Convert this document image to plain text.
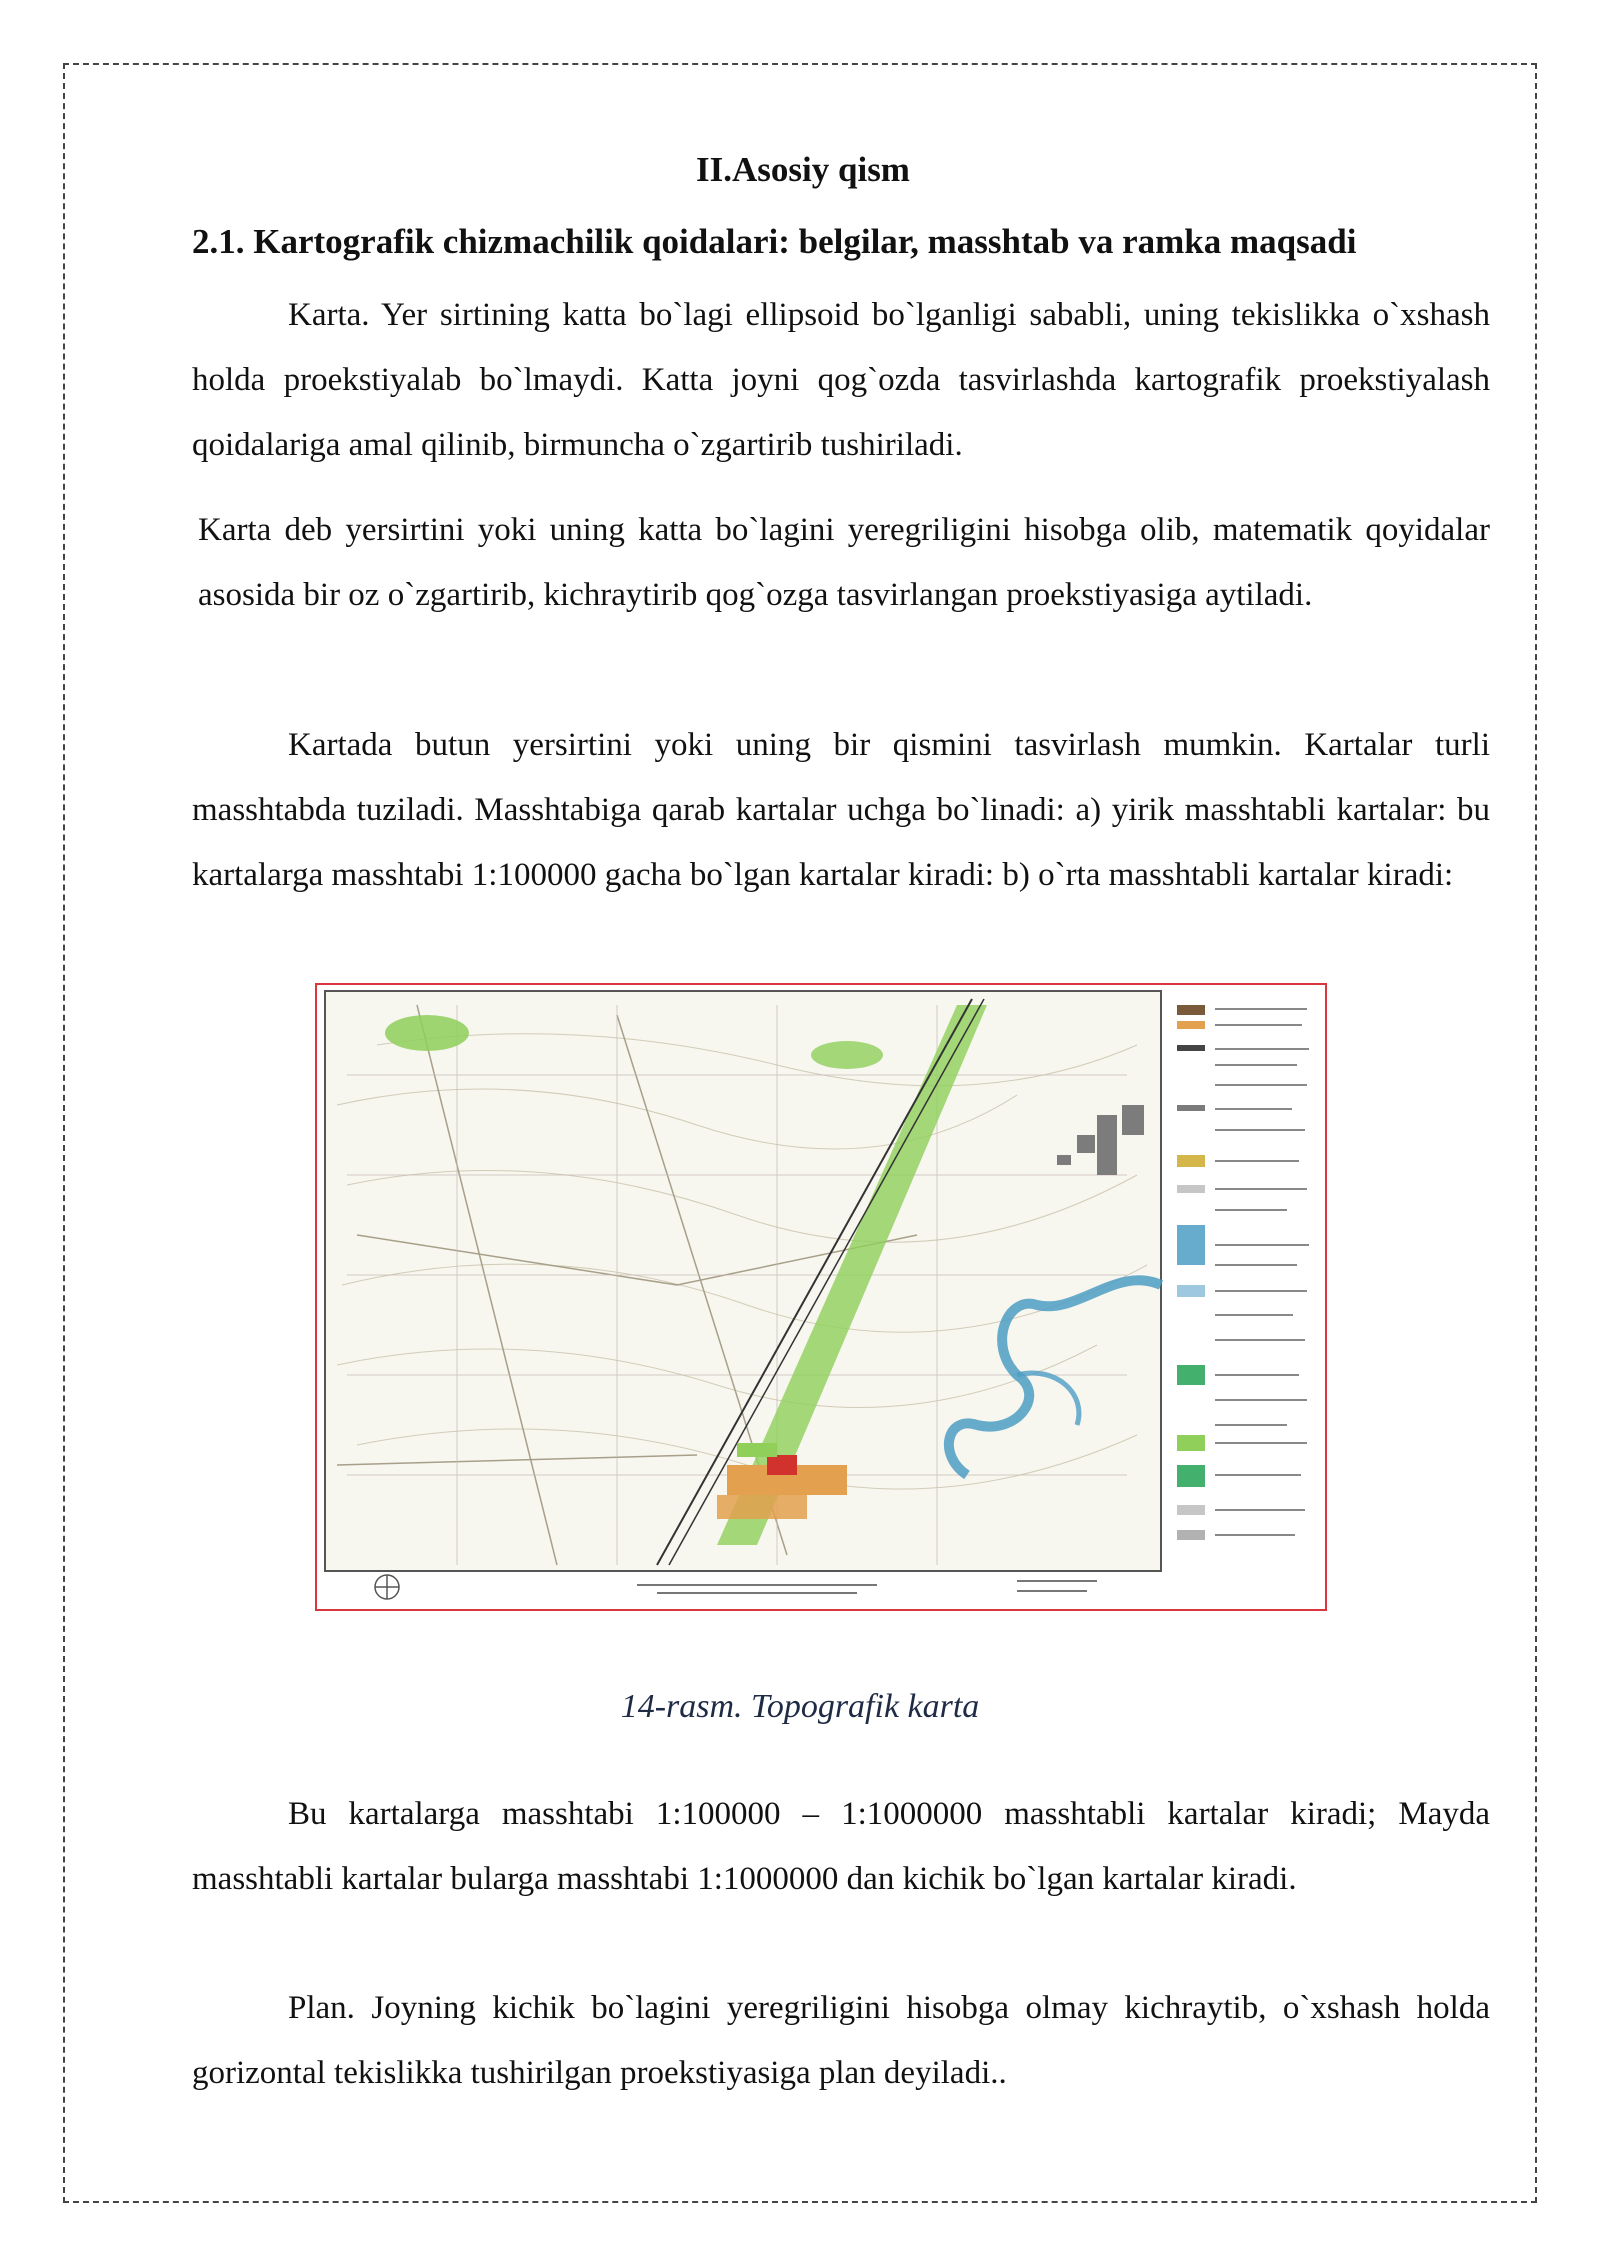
II.Asosiy qism
2.1. Kartografik chizmachilik qoidalari: belgilar, masshtab va ramka maqsadi

Karta. Yer sirtining katta bo`lagi ellipsoid bo`lganligi sababli, uning tekislikka o`xshash holda proekstiyalab bo`lmaydi. Katta joyni qog`ozda tasvirlashda kartografik proekstiyalash qoidalariga amal qilinib, birmuncha o`zgartirib tushiriladi.

Karta deb yersirtini yoki uning katta bo`lagini yeregriligini hisobga olib, matematik qoyidalar asosida bir oz o`zgartirib, kichraytirib qog`ozga tasvirlangan proekstiyasiga aytiladi.

Kartada butun yersirtini yoki uning bir qismini tasvirlash mumkin. Kartalar turli masshtabda tuziladi. Masshtabiga qarab kartalar uchga bo`linadi: a) yirik masshtabli kartalar: bu kartalarga masshtabi 1:100000 gacha bo`lgan kartalar kiradi: b) o`rta masshtabli kartalar kiradi:

14-rasm. Topografik karta

Bu kartalarga masshtabi 1:100000 – 1:1000000 masshtabli kartalar kiradi; Mayda masshtabli kartalar bularga masshtabi 1:1000000 dan kichik bo`lgan kartalar kiradi.

Plan. Joyning kichik bo`lagini yeregriligini hisobga olmay kichraytib, o`xshash holda gorizontal tekislikka tushirilgan proekstiyasiga plan deyiladi..
